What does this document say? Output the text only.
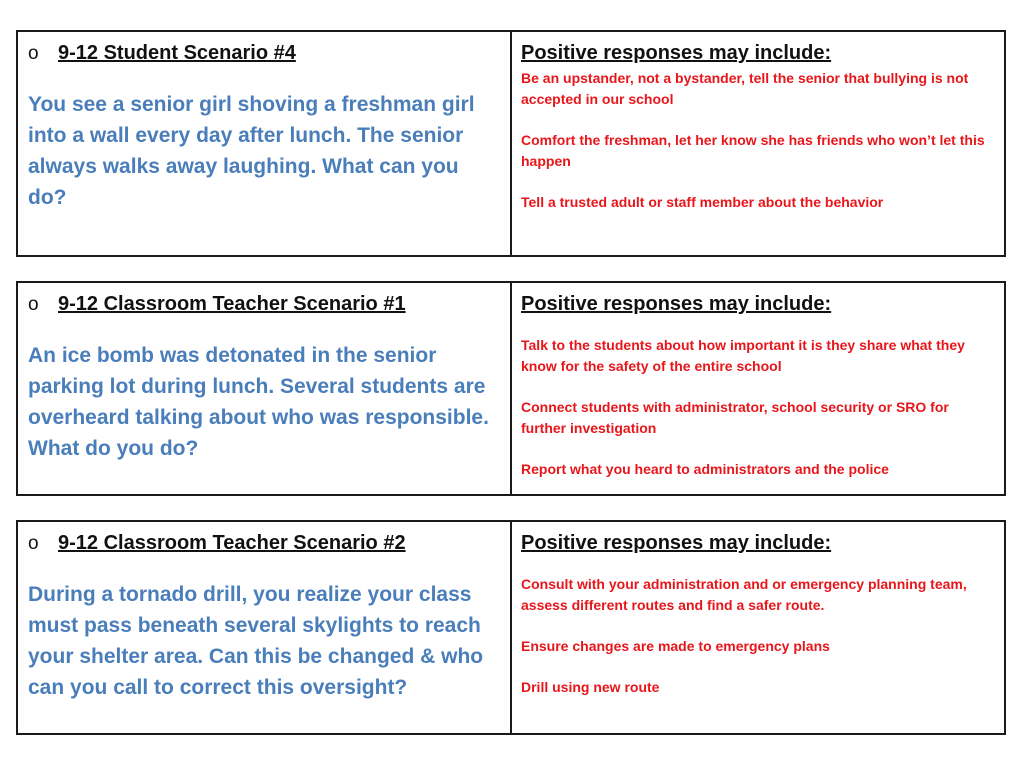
o 9-12 Student Scenario #4
You see a senior girl shoving a freshman girl into a wall every day after lunch. The senior always walks away laughing. What can you do?

Positive responses may include:
Be an upstander, not a bystander, tell the senior that bullying is not accepted in our school
Comfort the freshman, let her know she has friends who won’t let this happen
Tell a trusted adult or staff member about the behavior
o 9-12 Classroom Teacher Scenario #1
An ice bomb was detonated in the senior parking lot during lunch. Several students are overheard talking about who was responsible. What do you do?

Positive responses may include:
Talk to the students about how important it is they share what they know for the safety of the entire school
Connect students with administrator, school security or SRO for further investigation
Report what you heard to administrators and the police
o 9-12 Classroom Teacher Scenario #2
During a tornado drill, you realize your class must pass beneath several skylights to reach your shelter area. Can this be changed & who can you call to correct this oversight?

Positive responses may include:
Consult with your administration and or emergency planning team, assess different routes and find a safer route.
Ensure changes are made to emergency plans
Drill using new route
